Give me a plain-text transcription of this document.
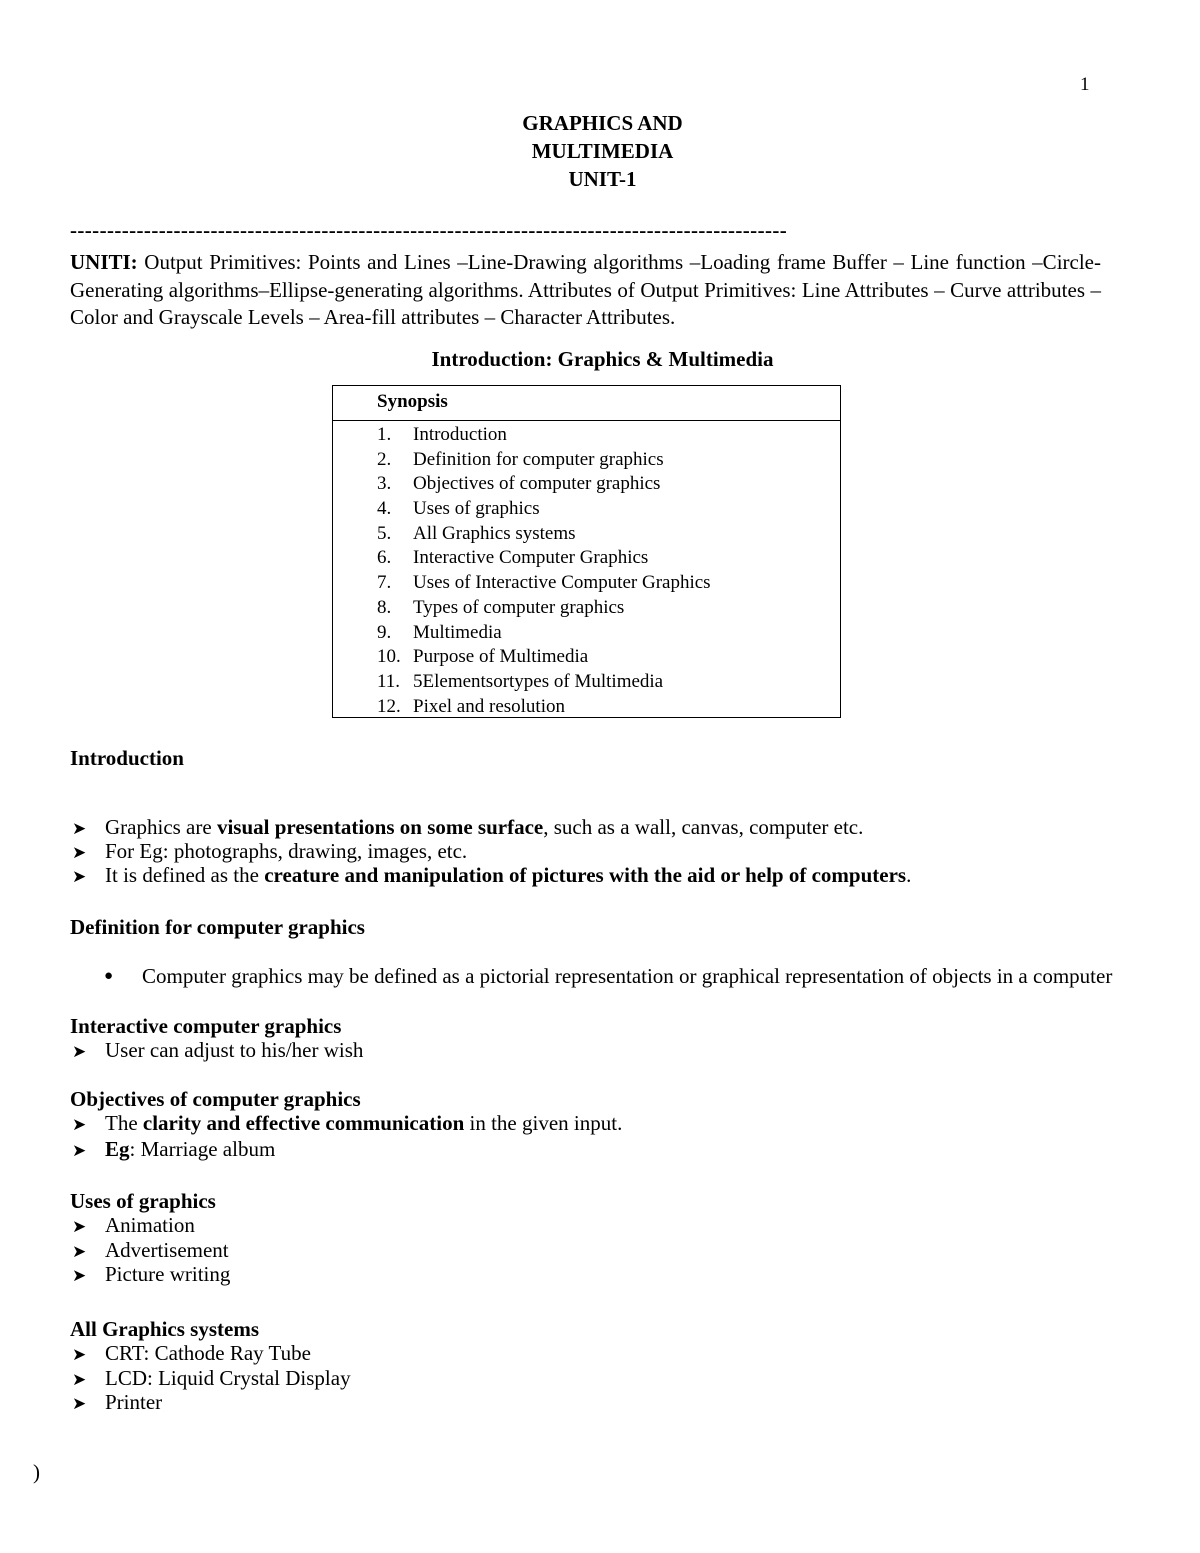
1
GRAPHICS AND
MULTIMEDIA
UNIT-1
-------------------------------------------------------------------------------------------------
UNITI: Output Primitives: Points and Lines –Line-Drawing algorithms –Loading frame Buffer – Line function –Circle-Generating algorithms–Ellipse-generating algorithms. Attributes of Output Primitives: Line Attributes – Curve attributes – Color and Grayscale Levels – Area-fill attributes – Character Attributes.
Introduction: Graphics & Multimedia
Synopsis
1. Introduction
2. Definition for computer graphics
3. Objectives of computer graphics
4. Uses of graphics
5. All Graphics systems
6. Interactive Computer Graphics
7. Uses of Interactive Computer Graphics
8. Types of computer graphics
9. Multimedia
10. Purpose of Multimedia
11. 5Elementsortypes of Multimedia
12. Pixel and resolution
Introduction
➤ Graphics are visual presentations on some surface, such as a wall, canvas, computer etc.
➤ For Eg: photographs, drawing, images, etc.
➤ It is defined as the creature and manipulation of pictures with the aid or help of computers.
Definition for computer graphics
● Computer graphics may be defined as a pictorial representation or graphical representation of objects in a computer
Interactive computer graphics
➤ User can adjust to his/her wish
Objectives of computer graphics
➤ The clarity and effective communication in the given input.
➤ Eg: Marriage album
Uses of graphics
➤ Animation
➤ Advertisement
➤ Picture writing
All Graphics systems
➤ CRT: Cathode Ray Tube
➤ LCD: Liquid Crystal Display
➤ Printer
)
